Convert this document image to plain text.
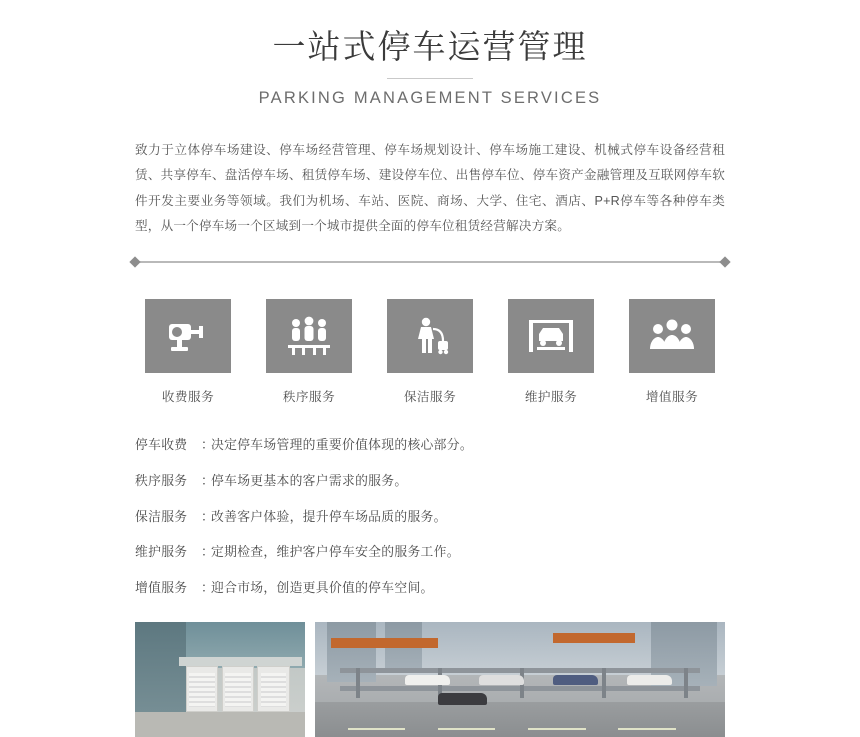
一站式停车运营管理

PARKING MANAGEMENT SERVICES

致力于立体停车场建设、停车场经营管理、停车场规划设计、停车场施工建设、机械式停车设备经营租赁、共享停车、盘活停车场、租赁停车场、建设停车位、出售停车位、停车资产金融管理及互联网停车软件开发主要业务等领域。我们为机场、车站、医院、商场、大学、住宅、酒店、P+R停车等各种停车类型，从一个停车场一个区域到一个城市提供全面的停车位租赁经营解决方案。

收费服务	秩序服务	保洁服务	维护服务	增值服务
停车收费 ：决定停车场管理的重要价值体现的核心部分。
秩序服务 ：停车场更基本的客户需求的服务。
保洁服务 ：改善客户体验，提升停车场品质的服务。
维护服务 ：定期检查，维护客户停车安全的服务工作。
增值服务 ：迎合市场，创造更具价值的停车空间。
